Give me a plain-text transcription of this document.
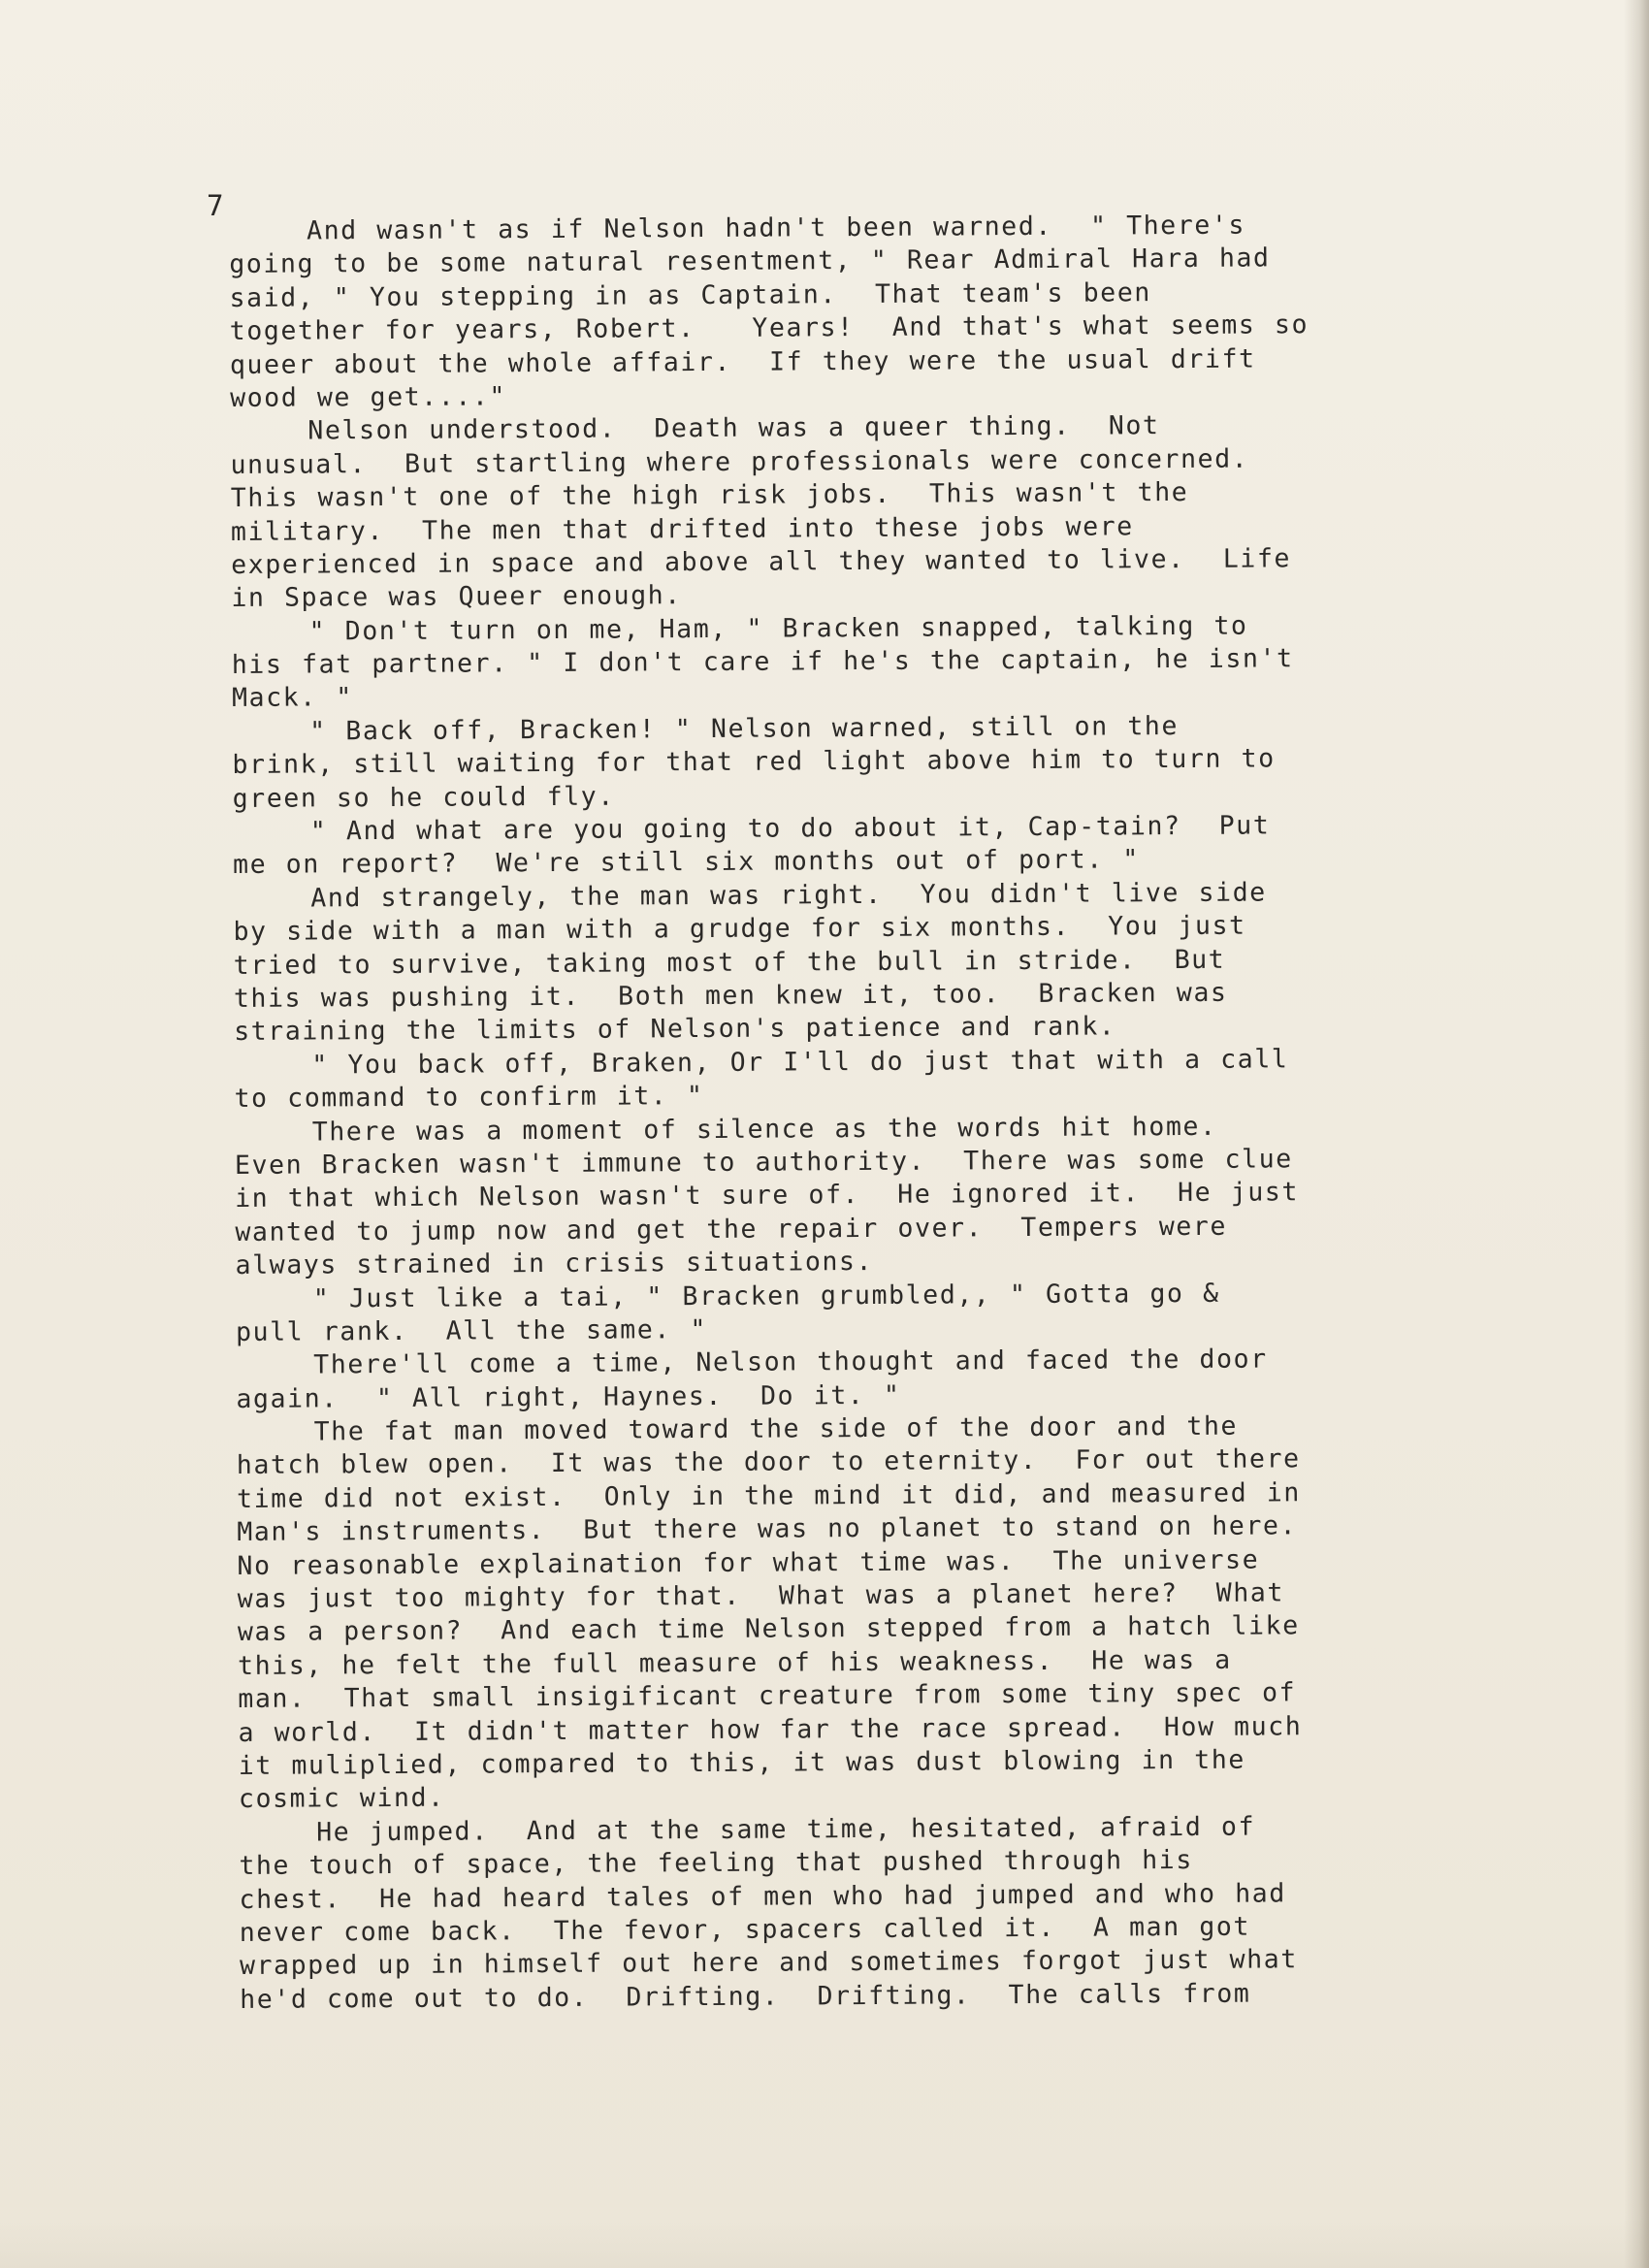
7
And wasn't as if Nelson hadn't been warned.  " There's
going to be some natural resentment, " Rear Admiral Hara had
said, " You stepping in as Captain.  That team's been
together for years, Robert.   Years!  And that's what seems so
queer about the whole affair.  If they were the usual drift
wood we get...."
Nelson understood.  Death was a queer thing.  Not
unusual.  But startling where professionals were concerned.
This wasn't one of the high risk jobs.  This wasn't the
military.  The men that drifted into these jobs were
experienced in space and above all they wanted to live.  Life
in Space was Queer enough.
" Don't turn on me, Ham, " Bracken snapped, talking to
his fat partner. " I don't care if he's the captain, he isn't
Mack. "
" Back off, Bracken! " Nelson warned, still on the
brink, still waiting for that red light above him to turn to
green so he could fly.
" And what are you going to do about it, Cap-tain?  Put
me on report?  We're still six months out of port. "
And strangely, the man was right.  You didn't live side
by side with a man with a grudge for six months.  You just
tried to survive, taking most of the bull in stride.  But
this was pushing it.  Both men knew it, too.  Bracken was
straining the limits of Nelson's patience and rank.
" You back off, Braken, Or I'll do just that with a call
to command to confirm it. "
There was a moment of silence as the words hit home.
Even Bracken wasn't immune to authority.  There was some clue
in that which Nelson wasn't sure of.  He ignored it.  He just
wanted to jump now and get the repair over.  Tempers were
always strained in crisis situations.
" Just like a tai, " Bracken grumbled,, " Gotta go &
pull rank.  All the same. "
There'll come a time, Nelson thought and faced the door
again.  " All right, Haynes.  Do it. "
The fat man moved toward the side of the door and the
hatch blew open.  It was the door to eternity.  For out there
time did not exist.  Only in the mind it did, and measured in
Man's instruments.  But there was no planet to stand on here.
No reasonable explaination for what time was.  The universe
was just too mighty for that.  What was a planet here?  What
was a person?  And each time Nelson stepped from a hatch like
this, he felt the full measure of his weakness.  He was a
man.  That small insigificant creature from some tiny spec of
a world.  It didn't matter how far the race spread.  How much
it muliplied, compared to this, it was dust blowing in the
cosmic wind.
He jumped.  And at the same time, hesitated, afraid of
the touch of space, the feeling that pushed through his
chest.  He had heard tales of men who had jumped and who had
never come back.  The fevor, spacers called it.  A man got
wrapped up in himself out here and sometimes forgot just what
he'd come out to do.  Drifting.  Drifting.  The calls from
